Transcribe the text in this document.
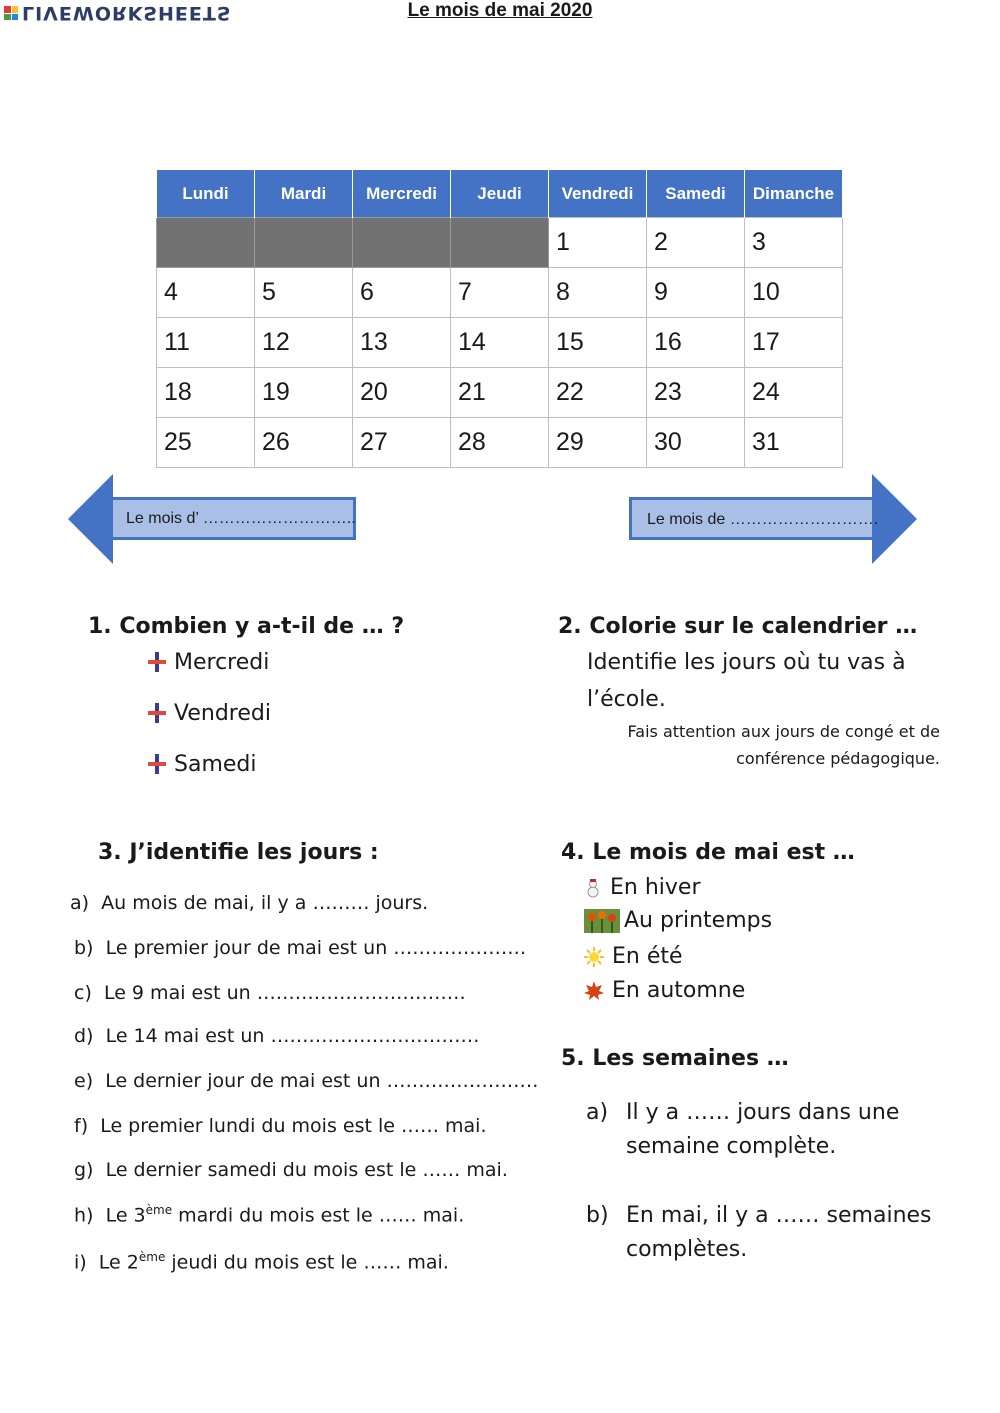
LIVEWORKSHEETS	Le mois de mai 2020
Lundi	Mardi	Mercredi	Jeudi	Vendredi	Samedi	Dimanche
				1	2	3
4	5	6	7	8	9	10
11	12	13	14	15	16	17
18	19	20	21	22	23	24
25	26	27	28	29	30	31
Le mois d’ ………………………..	Le mois de ……………………….
1. Combien y a-t-il de … ?
Mercredi
Vendredi
Samedi
2. Colorie sur le calendrier …
Identifie les jours où tu vas à
l’école.
Fais attention aux jours de congé et de
conférence pédagogique.
3. J’identifie les jours :
a) Au mois de mai, il y a ……… jours.
b) Le premier jour de mai est un …………………
c) Le 9 mai est un ……………………………
d) Le 14 mai est un ……………………………
e) Le dernier jour de mai est un ……………………
f) Le premier lundi du mois est le …… mai.
g) Le dernier samedi du mois est le …… mai.
h) Le 3ème mardi du mois est le …… mai.
i) Le 2ème jeudi du mois est le …… mai.
4. Le mois de mai est …
En hiver
Au printemps
En été
En automne
5. Les semaines …
a) Il y a …… jours dans une
semaine complète.
b) En mai, il y a …… semaines
complètes.
